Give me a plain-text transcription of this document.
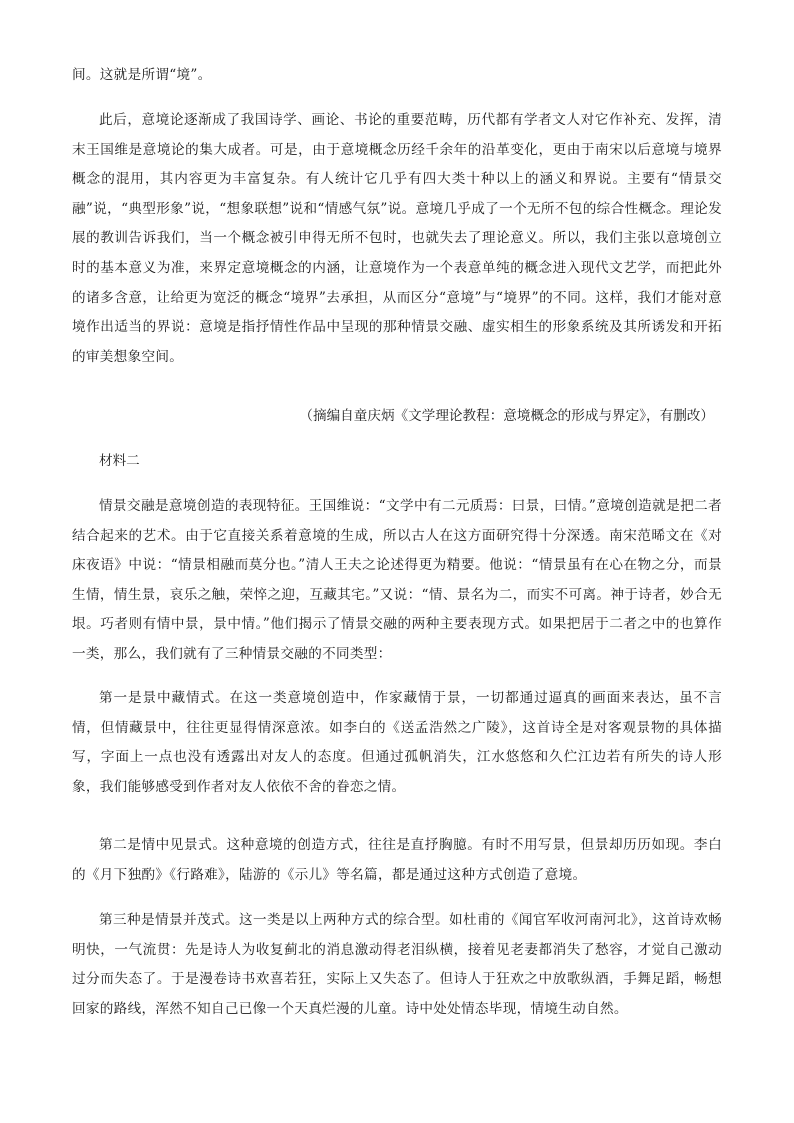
间。这就是所谓“境”。

此后，意境论逐渐成了我国诗学、画论、书论的重要范畴，历代都有学者文人对它作补充、发挥，清末王国维是意境论的集大成者。可是，由于意境概念历经千余年的沿革变化，更由于南宋以后意境与境界概念的混用，其内容更为丰富复杂。有人统计它几乎有四大类十种以上的涵义和界说。主要有“情景交融”说，“典型形象”说，“想象联想”说和“情感气氛”说。意境几乎成了一个无所不包的综合性概念。理论发展的教训告诉我们，当一个概念被引申得无所不包时，也就失去了理论意义。所以，我们主张以意境创立时的基本意义为准，来界定意境概念的内涵，让意境作为一个表意单纯的概念进入现代文艺学，而把此外的诸多含意，让给更为宽泛的概念“境界”去承担，从而区分“意境”与“境界”的不同。这样，我们才能对意境作出适当的界说：意境是指抒情性作品中呈现的那种情景交融、虚实相生的形象系统及其所诱发和开拓的审美想象空间。

（摘编自童庆炳《文学理论教程：意境概念的形成与界定》，有删改）

材料二

情景交融是意境创造的表现特征。王国维说：“文学中有二元质焉：曰景，曰情。”意境创造就是把二者结合起来的艺术。由于它直接关系着意境的生成，所以古人在这方面研究得十分深透。南宋范晞文在《对床夜语》中说：“情景相融而莫分也。”清人王夫之论述得更为精要。他说：“情景虽有在心在物之分，而景生情，情生景，哀乐之触，荣悴之迎，互藏其宅。”又说：“情、景名为二，而实不可离。神于诗者，妙合无垠。巧者则有情中景，景中情。”他们揭示了情景交融的两种主要表现方式。如果把居于二者之中的也算作一类，那么，我们就有了三种情景交融的不同类型：

第一是景中藏情式。在这一类意境创造中，作家藏情于景，一切都通过逼真的画面来表达，虽不言情，但情藏景中，往往更显得情深意浓。如李白的《送孟浩然之广陵》，这首诗全是对客观景物的具体描写，字面上一点也没有透露出对友人的态度。但通过孤帆消失，江水悠悠和久伫江边若有所失的诗人形象，我们能够感受到作者对友人依依不舍的眷恋之情。

第二是情中见景式。这种意境的创造方式，往往是直抒胸臆。有时不用写景，但景却历历如现。李白的《月下独酌》《行路难》，陆游的《示儿》等名篇，都是通过这种方式创造了意境。

第三种是情景并茂式。这一类是以上两种方式的综合型。如杜甫的《闻官军收河南河北》，这首诗欢畅明快，一气流贯：先是诗人为收复蓟北的消息激动得老泪纵横，接着见老妻都消失了愁容，才觉自己激动过分而失态了。于是漫卷诗书欢喜若狂，实际上又失态了。但诗人于狂欢之中放歌纵酒，手舞足蹈，畅想回家的路线，浑然不知自己已像一个天真烂漫的儿童。诗中处处情态毕现，情境生动自然。
